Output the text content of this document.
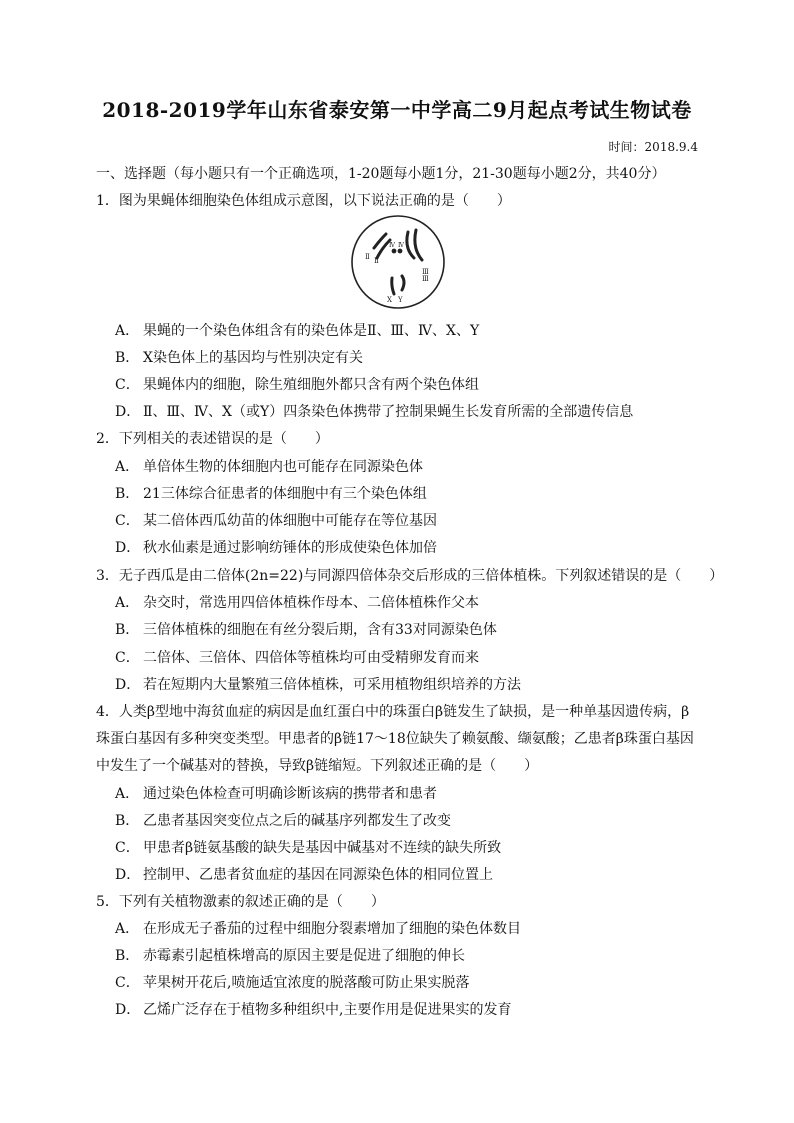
2018-2019学年山东省泰安第一中学高二9月起点考试生物试卷
时间：2018.9.4
一、选择题（每小题只有一个正确选项，1-20题每小题1分，21-30题每小题2分，共40分）
1．图为果蝇体细胞染色体组成示意图，以下说法正确的是（　　）
Ⅱ Ⅱ
Ⅳ Ⅳ
Ⅲ
Ⅲ
X Y
A． 果蝇的一个染色体组含有的染色体是Ⅱ、Ⅲ、Ⅳ、X、Y
B． X染色体上的基因均与性别决定有关
C． 果蝇体内的细胞，除生殖细胞外都只含有两个染色体组
D． Ⅱ、Ⅲ、Ⅳ、X（或Y）四条染色体携带了控制果蝇生长发育所需的全部遗传信息
2．下列相关的表述错误的是（　　）
A． 单倍体生物的体细胞内也可能存在同源染色体
B． 21三体综合征患者的体细胞中有三个染色体组
C． 某二倍体西瓜幼苗的体细胞中可能存在等位基因
D． 秋水仙素是通过影响纺锤体的形成使染色体加倍
3．无子西瓜是由二倍体(2n=22)与同源四倍体杂交后形成的三倍体植株。下列叙述错误的是（　　）
A． 杂交时，常选用四倍体植株作母本、二倍体植株作父本
B． 三倍体植株的细胞在有丝分裂后期，含有33对同源染色体
C． 二倍体、三倍体、四倍体等植株均可由受精卵发育而来
D． 若在短期内大量繁殖三倍体植株，可采用植物组织培养的方法
4．人类β型地中海贫血症的病因是血红蛋白中的珠蛋白β链发生了缺损，是一种单基因遗传病，β
珠蛋白基因有多种突变类型。甲患者的β链17～18位缺失了赖氨酸、缬氨酸；乙患者β珠蛋白基因
中发生了一个碱基对的替换，导致β链缩短。下列叙述正确的是（　　）
A． 通过染色体检查可明确诊断该病的携带者和患者
B． 乙患者基因突变位点之后的碱基序列都发生了改变
C． 甲患者β链氨基酸的缺失是基因中碱基对不连续的缺失所致
D． 控制甲、乙患者贫血症的基因在同源染色体的相同位置上
5．下列有关植物激素的叙述正确的是（　　）
A． 在形成无子番茄的过程中细胞分裂素增加了细胞的染色体数目
B． 赤霉素引起植株增高的原因主要是促进了细胞的伸长
C． 苹果树开花后,喷施适宜浓度的脱落酸可防止果实脱落
D． 乙烯广泛存在于植物多种组织中,主要作用是促进果实的发育
